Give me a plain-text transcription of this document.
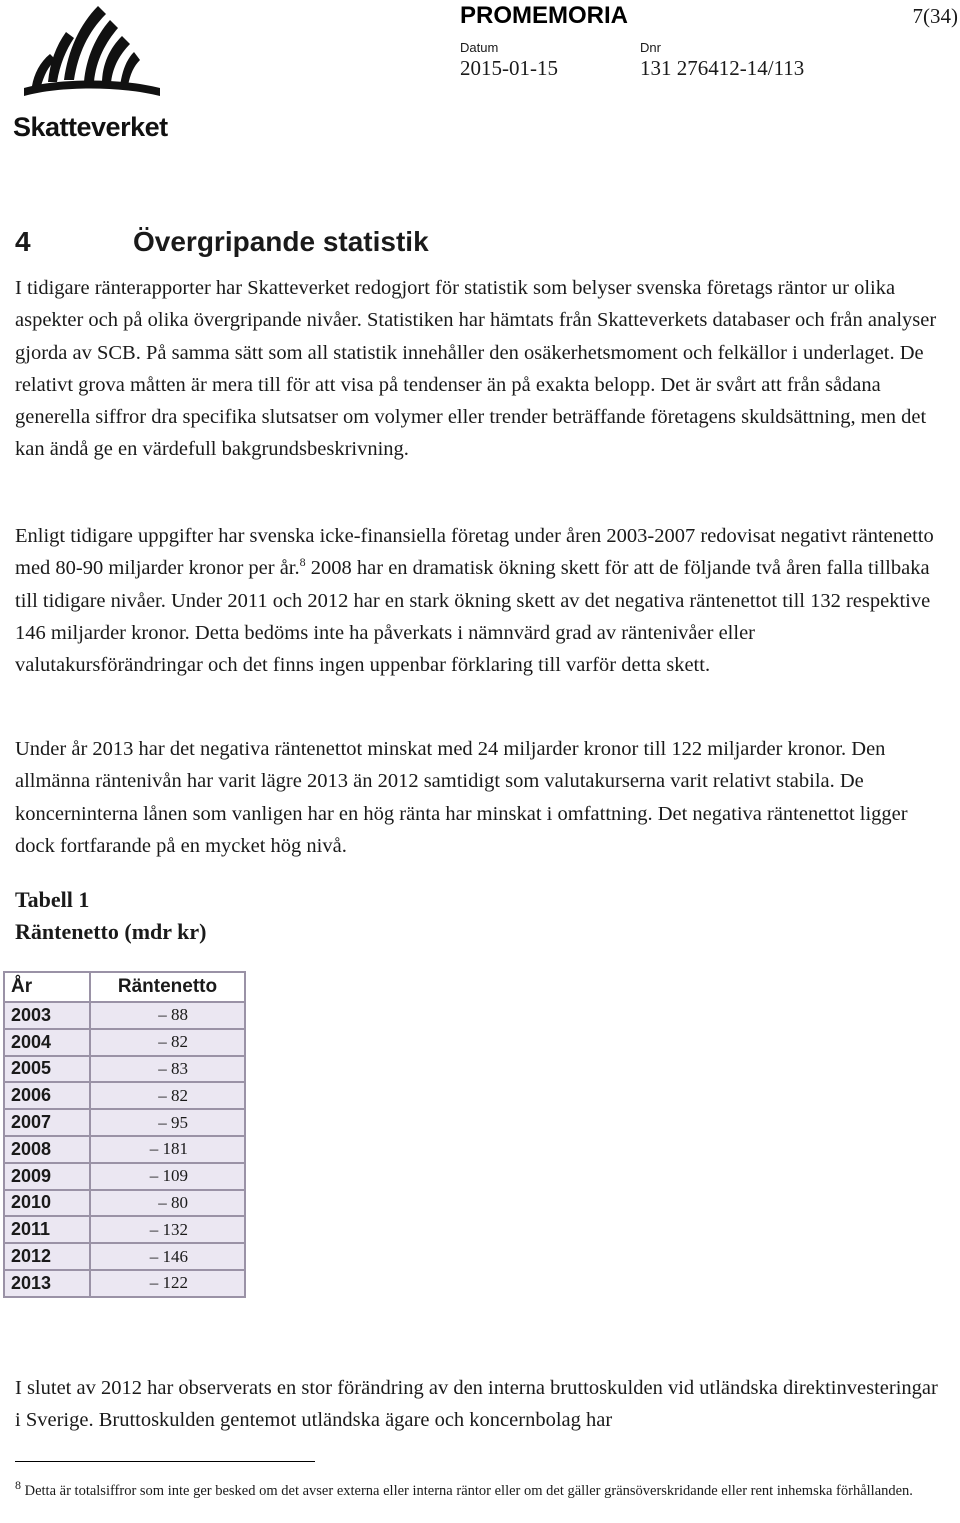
Skatteverket
PROMEMORIA	7(34)
Datum
2015-01-15
Dnr
131 276412-14/113
4	Övergripande statistik

I tidigare ränterapporter har Skatteverket redogjort för statistik som belyser svenska företags räntor ur olika aspekter och på olika övergripande nivåer. Statistiken har hämtats från Skatteverkets databaser och från analyser gjorda av SCB. På samma sätt som all statistik innehåller den osäkerhetsmoment och felkällor i underlaget. De relativt grova måtten är mera till för att visa på tendenser än på exakta belopp. Det är svårt att från sådana generella siffror dra specifika slutsatser om volymer eller trender beträffande företagens skuldsättning, men det kan ändå ge en värdefull bakgrundsbeskrivning.

Enligt tidigare uppgifter har svenska icke-finansiella företag under åren 2003-2007 redovisat negativt räntenetto med 80-90 miljarder kronor per år.$^8$ 2008 har en dramatisk ökning skett för att de följande två åren falla tillbaka till tidigare nivåer. Under 2011 och 2012 har en stark ökning skett av det negativa räntenettot till 132 respektive 146 miljarder kronor. Detta bedöms inte ha påverkats i nämnvärd grad av räntenivåer eller valutakursförändringar och det finns ingen uppenbar förklaring till varför detta skett.

Under år 2013 har det negativa räntenettot minskat med 24 miljarder kronor till 122 miljarder kronor. Den allmänna räntenivån har varit lägre 2013 än 2012 samtidigt som valutakurserna varit relativt stabila. De koncerninterna lånen som vanligen har en hög ränta har minskat i omfattning. Det negativa räntenettot ligger dock fortfarande på en mycket hög nivå.

Tabell 1
Räntenetto (mdr kr)
År	Räntenetto
2003	– 88
2004	– 82
2005	– 83
2006	– 82
2007	– 95
2008	– 181
2009	– 109
2010	– 80
2011	– 132
2012	– 146
2013	– 122

I slutet av 2012 har observerats en stor förändring av den interna bruttoskulden vid utländska direktinvesteringar i Sverige. Bruttoskulden gentemot utländska ägare och koncernbolag har

$^8$ Detta är totalsiffror som inte ger besked om det avser externa eller interna räntor eller om det gäller gränsöverskridande eller rent inhemska förhållanden.
